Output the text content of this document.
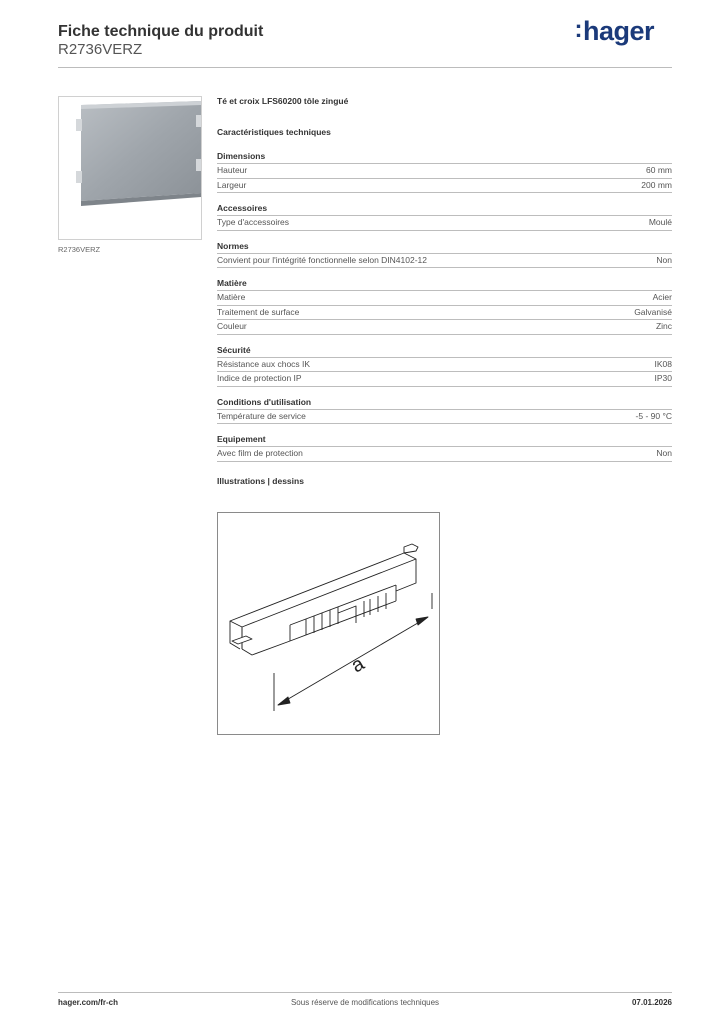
Fiche technique du produit
R2736VERZ
:hager
R2736VERZ
Té et croix LFS60200 tôle zingué
Caractéristiques techniques
Dimensions
Hauteur	60 mm
Largeur	200 mm
Accessoires
Type d'accessoires	Moulé
Normes
Convient pour l'intégrité fonctionnelle selon DIN4102-12	Non
Matière
Matière	Acier
Traitement de surface	Galvanisé
Couleur	Zinc
Sécurité
Résistance aux chocs IK	IK08
Indice de protection IP	IP30
Conditions d'utilisation
Température de service	-5 - 90 °C
Equipement
Avec film de protection	Non
Illustrations | dessins
a
hager.com/fr-ch	Sous réserve de modifications techniques	07.01.2026
